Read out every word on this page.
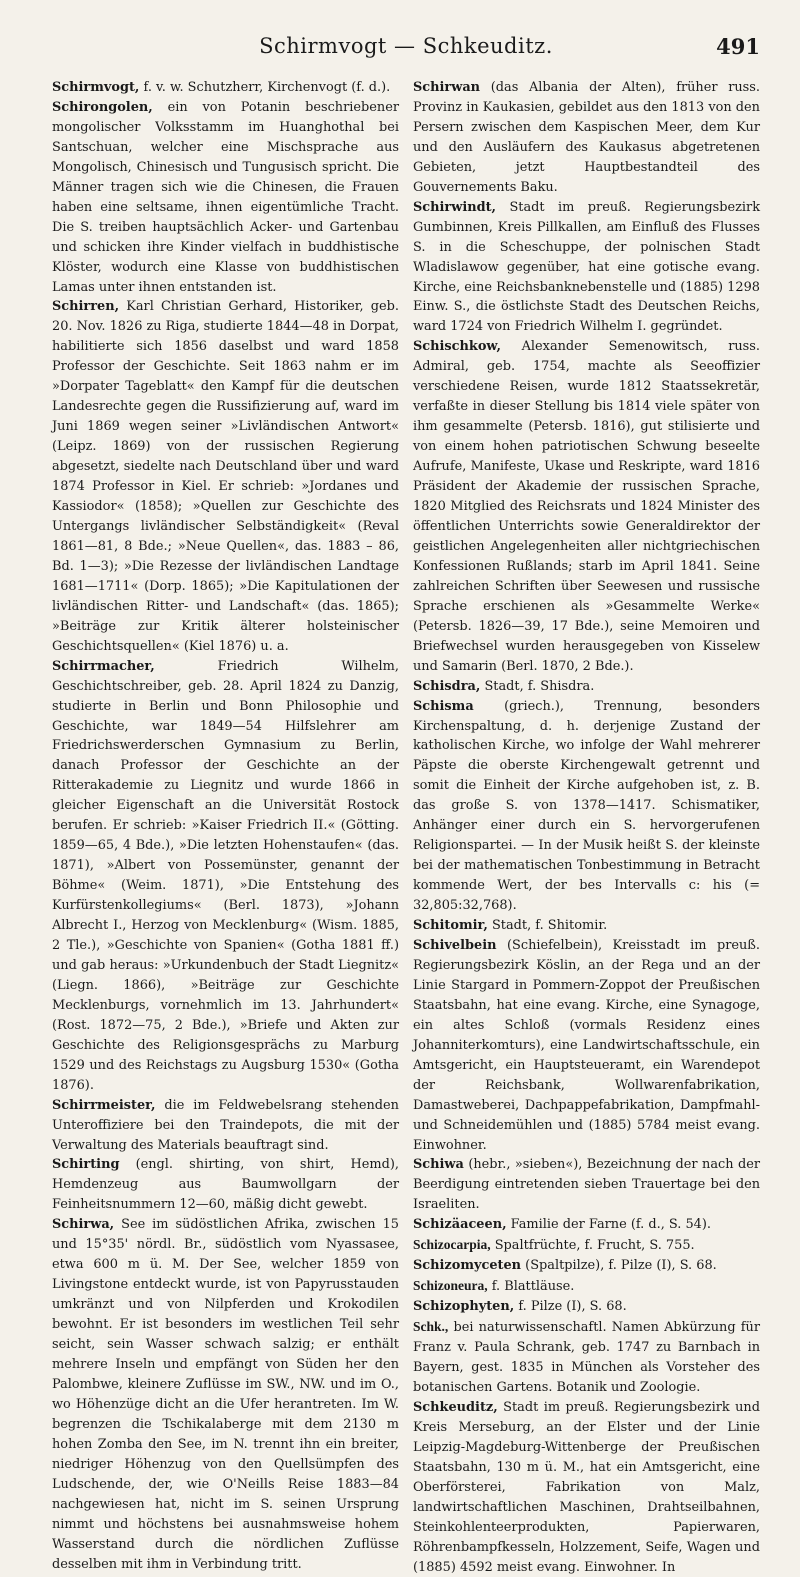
Schirmvogt — Schkeuditz.	491

Schirmvogt, f. v. w. Schutzherr, Kirchenvogt (f. d.).

Schirongolen, ein von Potanin beschriebener mongolischer Volksstamm im Huanghothal bei Santschuan, welcher eine Mischsprache aus Mongolisch, Chinesisch und Tungusisch spricht. Die Männer tragen sich wie die Chinesen, die Frauen haben eine seltsame, ihnen eigentümliche Tracht. Die S. treiben hauptsächlich Acker- und Gartenbau und schicken ihre Kinder vielfach in buddhistische Klöster, wodurch eine Klasse von buddhistischen Lamas unter ihnen entstanden ist.

Schirren, Karl Christian Gerhard, Historiker, geb. 20. Nov. 1826 zu Riga, studierte 1844—48 in Dorpat, habilitierte sich 1856 daselbst und ward 1858 Professor der Geschichte. Seit 1863 nahm er im »Dorpater Tageblatt« den Kampf für die deutschen Landesrechte gegen die Russifizierung auf, ward im Juni 1869 wegen seiner »Livländischen Antwort« (Leipz. 1869) von der russischen Regierung abgesetzt, siedelte nach Deutschland über und ward 1874 Professor in Kiel. Er schrieb: »Jordanes und Kassiodor« (1858); »Quellen zur Geschichte des Untergangs livländischer Selbständigkeit« (Reval 1861—81, 8 Bde.; »Neue Quellen«, das. 1883 – 86, Bd. 1—3); »Die Rezesse der livländischen Landtage 1681—1711« (Dorp. 1865); »Die Kapitulationen der livländischen Ritter- und Landschaft« (das. 1865); »Beiträge zur Kritik älterer holsteinischer Geschichtsquellen« (Kiel 1876) u. a.

Schirrmacher, Friedrich Wilhelm, Geschichtschreiber, geb. 28. April 1824 zu Danzig, studierte in Berlin und Bonn Philosophie und Geschichte, war 1849—54 Hilfslehrer am Friedrichswerderschen Gymnasium zu Berlin, danach Professor der Geschichte an der Ritterakademie zu Liegnitz und wurde 1866 in gleicher Eigenschaft an die Universität Rostock berufen. Er schrieb: »Kaiser Friedrich II.« (Götting. 1859—65, 4 Bde.), »Die letzten Hohenstaufen« (das. 1871), »Albert von Possemünster, genannt der Böhme« (Weim. 1871), »Die Entstehung des Kurfürstenkollegiums« (Berl. 1873), »Johann Albrecht I., Herzog von Mecklenburg« (Wism. 1885, 2 Tle.), »Geschichte von Spanien« (Gotha 1881 ff.) und gab heraus: »Urkundenbuch der Stadt Liegnitz« (Liegn. 1866), »Beiträge zur Geschichte Mecklenburgs, vornehmlich im 13. Jahrhundert« (Rost. 1872—75, 2 Bde.), »Briefe und Akten zur Geschichte des Religionsgesprächs zu Marburg 1529 und des Reichstags zu Augsburg 1530« (Gotha 1876).

Schirrmeister, die im Feldwebelsrang stehenden Unteroffiziere bei den Traindepots, die mit der Verwaltung des Materials beauftragt sind.

Schirting (engl. shirting, von shirt, Hemd), Hemdenzeug aus Baumwollgarn der Feinheitsnummern 12—60, mäßig dicht gewebt.

Schirwa, See im südöstlichen Afrika, zwischen 15 und 15°35' nördl. Br., südöstlich vom Nyassasee, etwa 600 m ü. M. Der See, welcher 1859 von Livingstone entdeckt wurde, ist von Papyrusstauden umkränzt und von Nilpferden und Krokodilen bewohnt. Er ist besonders im westlichen Teil sehr seicht, sein Wasser schwach salzig; er enthält mehrere Inseln und empfängt von Süden her den Palombwe, kleinere Zuflüsse im SW., NW. und im O., wo Höhenzüge dicht an die Ufer herantreten. Im W. begrenzen die Tschikalaberge mit dem 2130 m hohen Zomba den See, im N. trennt ihn ein breiter, niedriger Höhenzug von den Quellsümpfen des Ludschende, der, wie O'Neills Reise 1883—84 nachgewiesen hat, nicht im S. seinen Ursprung nimmt und höchstens bei ausnahmsweise hohem Wasserstand durch die nördlichen Zuflüsse desselben mit ihm in Verbindung tritt.

Schirwan (das Albania der Alten), früher russ. Provinz in Kaukasien, gebildet aus den 1813 von den Persern zwischen dem Kaspischen Meer, dem Kur und den Ausläufern des Kaukasus abgetretenen Gebieten, jetzt Hauptbestandteil des Gouvernements Baku.

Schirwindt, Stadt im preuß. Regierungsbezirk Gumbinnen, Kreis Pillkallen, am Einfluß des Flusses S. in die Scheschuppe, der polnischen Stadt Wladislawow gegenüber, hat eine gotische evang. Kirche, eine Reichsbanknebenstelle und (1885) 1298 Einw. S., die östlichste Stadt des Deutschen Reichs, ward 1724 von Friedrich Wilhelm I. gegründet.

Schischkow, Alexander Semenowitsch, russ. Admiral, geb. 1754, machte als Seeoffizier verschiedene Reisen, wurde 1812 Staatssekretär, verfaßte in dieser Stellung bis 1814 viele später von ihm gesammelte (Petersb. 1816), gut stilisierte und von einem hohen patriotischen Schwung beseelte Aufrufe, Manifeste, Ukase und Reskripte, ward 1816 Präsident der Akademie der russischen Sprache, 1820 Mitglied des Reichsrats und 1824 Minister des öffentlichen Unterrichts sowie Generaldirektor der geistlichen Angelegenheiten aller nichtgriechischen Konfessionen Rußlands; starb im April 1841. Seine zahlreichen Schriften über Seewesen und russische Sprache erschienen als »Gesammelte Werke« (Petersb. 1826—39, 17 Bde.), seine Memoiren und Briefwechsel wurden herausgegeben von Kisselew und Samarin (Berl. 1870, 2 Bde.).

Schisdra, Stadt, f. Shisdra.

Schisma (griech.), Trennung, besonders Kirchenspaltung, d. h. derjenige Zustand der katholischen Kirche, wo infolge der Wahl mehrerer Päpste die oberste Kirchengewalt getrennt und somit die Einheit der Kirche aufgehoben ist, z. B. das große S. von 1378—1417. Schismatiker, Anhänger einer durch ein S. hervorgerufenen Religionspartei. — In der Musik heißt S. der kleinste bei der mathematischen Tonbestimmung in Betracht kommende Wert, der bes Intervalls c: his (= 32,805:32,768).

Schitomir, Stadt, f. Shitomir.

Schivelbein (Schiefelbein), Kreisstadt im preuß. Regierungsbezirk Köslin, an der Rega und an der Linie Stargard in Pommern-Zoppot der Preußischen Staatsbahn, hat eine evang. Kirche, eine Synagoge, ein altes Schloß (vormals Residenz eines Johanniterkomturs), eine Landwirtschaftsschule, ein Amtsgericht, ein Hauptsteueramt, ein Warendepot der Reichsbank, Wollwarenfabrikation, Damastweberei, Dachpappefabrikation, Dampfmahl- und Schneidemühlen und (1885) 5784 meist evang. Einwohner.

Schiwa (hebr., »sieben«), Bezeichnung der nach der Beerdigung eintretenden sieben Trauertage bei den Israeliten.

Schizäaceen, Familie der Farne (f. d., S. 54).

Schizocarpia, Spaltfrüchte, f. Frucht, S. 755.

Schizomyceten (Spaltpilze), f. Pilze (I), S. 68.

Schizoneura, f. Blattläuse.

Schizophyten, f. Pilze (I), S. 68.

Schk., bei naturwissenschaftl. Namen Abkürzung für Franz v. Paula Schrank, geb. 1747 zu Barnbach in Bayern, gest. 1835 in München als Vorsteher des botanischen Gartens. Botanik und Zoologie.

Schkeuditz, Stadt im preuß. Regierungsbezirk und Kreis Merseburg, an der Elster und der Linie Leipzig-Magdeburg-Wittenberge der Preußischen Staatsbahn, 130 m ü. M., hat ein Amtsgericht, eine Oberförsterei, Fabrikation von Malz, landwirtschaftlichen Maschinen, Drahtseilbahnen, Steinkohlenteerprodukten, Papierwaren, Röhrenbampfkesseln, Holzzement, Seife, Wagen und (1885) 4592 meist evang. Einwohner. In
